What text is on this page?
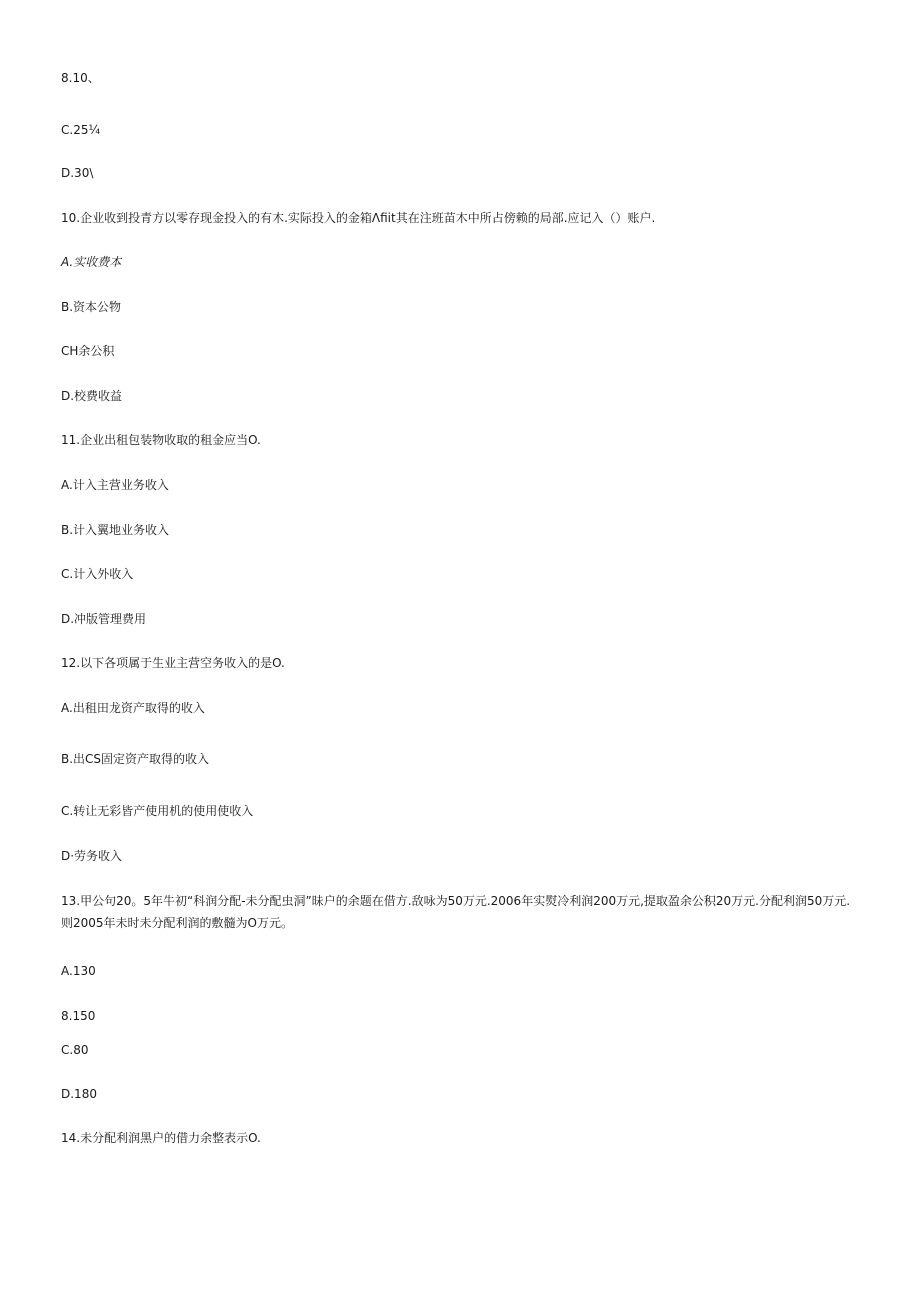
8.10、
C.25¼
D.30\
10.企业收到投青方以零存现金投入的有木.实际投入的金箱Λfiit其在注班苗木中所占傍赖的局部.应记入（）账户.
A.实收费本
B.资本公物
CH余公积
D.校费收益
11.企业出租包装物收取的租金应当O.
A.计入主营业务收入
B.计入翼地业务收入
C.计入外收入
D.冲版管理费用
12.以下各项属于生业主营空务收入的是O.
A.出租田龙资产取得的收入
B.出CS固定资产取得的收入
C.转让无彩皆产使用机的使用使收入
D·劳务收入
13.甲公句20。5年牛初“科润分配-未分配虫洞”昧户的余题在借方.敌咏为50万元.2006年实熨冷利润200万元,提取盈余公积20万元.分配利润50万元.则2005年未时未分配利润的敷髓为O万元。
A.130
8.150
C.80
D.180
14.未分配利润黑户的借力余整表示O.
